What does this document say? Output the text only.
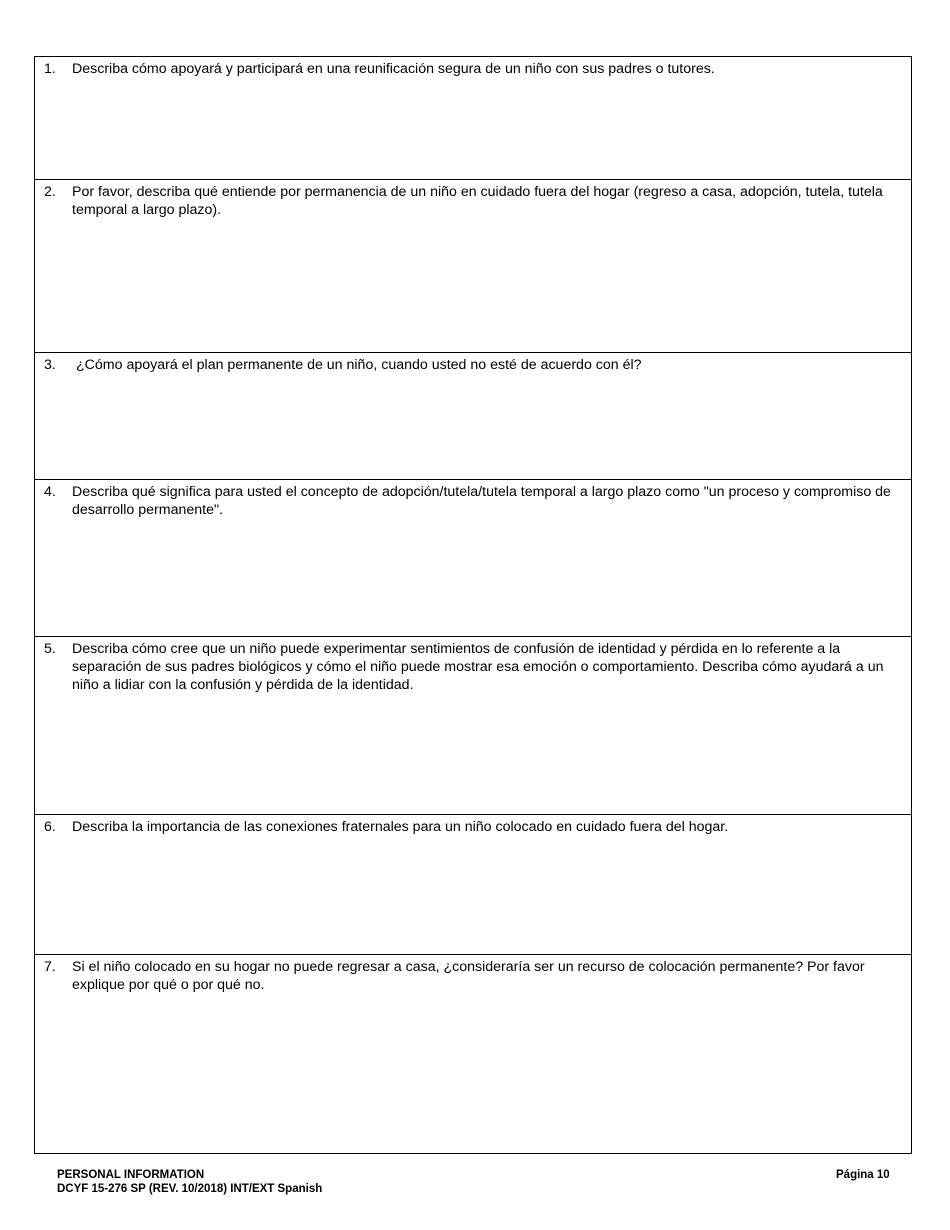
1. Describa cómo apoyará y participará en una reunificación segura de un niño con sus padres o tutores.
2. Por favor, describa qué entiende por permanencia de un niño en cuidado fuera del hogar (regreso a casa, adopción, tutela, tutela temporal a largo plazo).
3. ¿Cómo apoyará el plan permanente de un niño, cuando usted no esté de acuerdo con él?
4. Describa qué significa para usted el concepto de adopción/tutela/tutela temporal a largo plazo como "un proceso y compromiso de desarrollo permanente".
5. Describa cómo cree que un niño puede experimentar sentimientos de confusión de identidad y pérdida en lo referente a la separación de sus padres biológicos y cómo el niño puede mostrar esa emoción o comportamiento. Describa cómo ayudará a un niño a lidiar con la confusión y pérdida de la identidad.
6. Describa la importancia de las conexiones fraternales para un niño colocado en cuidado fuera del hogar.
7. Si el niño colocado en su hogar no puede regresar a casa, ¿consideraría ser un recurso de colocación permanente? Por favor explique por qué o por qué no.
PERSONAL INFORMATION
DCYF 15-276 SP (REV. 10/2018) INT/EXT Spanish
Página 10
